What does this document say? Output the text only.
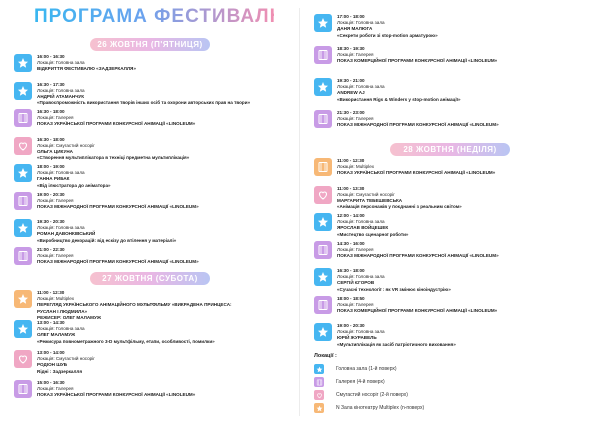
ПРОГРАМА ФЕСТИВАЛЮ
26 ЖОВТНЯ (П'ЯТНИЦЯ)
16:00 - 16:30
Локація: Головна зала
ВІДКРИТТЯ ФЕСТИВАЛЮ «ЗАДЗЕРКАЛЛЯ»
16:30 - 17:30
Локація: Головна зала
АНДРІЙ АТАМАНЧУК
«Правоспроможність використання творів інших осіб та охорони авторських прав на твори»
16:30 - 18:00
Локація: Галерея
ПОКАЗ УКРАЇНСЬКОЇ ПРОГРАМИ КОНКУРСНОЇ АНІМАЦІЇ «LINOLEUM»
16:30 - 18:00
Локація: Смугастий носоріг
ОЛЬГА ЦИКУНА
«Створення мультиплікатора в техніці предметна мультиплікація»
18:00 - 19:00
Локація: Головна зала
ГАННА РИБАК
«Від ілюстратора до аніматора»
19:00 - 20:30
Локація: Галерея
ПОКАЗ МІЖНАРОДНОЇ ПРОГРАМИ КОНКУРСНОЇ АНІМАЦІЇ «LINOLEUM»
19:30 - 20:30
Локація: Головна зала
РОМАН ДАВОНКІВСЬКИЙ
«Виробництво декорацій: від ескізу до втілення у матеріалі»
21:00 - 22:30
Локація: Галерея
ПОКАЗ МІЖНАРОДНОЇ ПРОГРАМИ КОНКУРСНОЇ АНІМАЦІЇ «LINOLEUM»
27 ЖОВТНЯ (СУБОТА)
11:00 - 12:30
Локація: Multiplex
ПЕРЕГЛЯД УКРАЇНСЬКОГО АНІМАЦІЙНОГО МУЛЬТФІЛЬМУ «ВИКРАДЕНА ПРИНЦЕСА:
РУСЛАН І ЛЮДМИЛА»
РЕЖИСЕР: ОЛЕГ МАЛАМУЖ
13:00 - 14:30
Локація: Головна зала
ОЛЕГ МАЛАМУЖ
«Режисура повнометражного 3-D мультфільму, етапи, особливості, помилки»
13:00 - 14:00
Локація: Смугастий носоріг
РОДІОН ШУБ
Rідні : Задзеркалля
15:00 - 16:30
Локація: Галерея
ПОКАЗ УКРАЇНСЬКОЇ ПРОГРАМИ КОНКУРСНОЇ АНІМАЦІЇ «LINOLEUM»
17:00 - 18:00
Локація: Головна зала
ДАНЯ МАЛЮГА
«Секрети роботи зі stop-motion арматурою»
18:30 - 19:30
Локація: Галерея
ПОКАЗ КОМЕРЦІЙНОЇ ПРОГРАМИ КОНКУРСНОЇ АНІМАЦІЇ «LINOLEUM»
19:30 - 21:00
Локація: Головна зала
ANDREW AJ
«Використання Rigs & Winders у stop-motion анімації»
21:30 - 23:00
Локація: Галерея
ПОКАЗ МІЖНАРОДНОЇ ПРОГРАМИ КОНКУРСНОЇ АНІМАЦІЇ «LINOLEUM»
28 ЖОВТНЯ (НЕДІЛЯ)
11:00 - 12:30
Локація: Multiplex
ПОКАЗ УКРАЇНСЬКОЇ ПРОГРАМИ КОНКУРСНОЇ АНІМАЦІЇ «LINOLEUM»
11:00 - 13:30
Локація: Смугастий носоріг
МАРГАРИТА ТЕБЕШЕВСЬКА
«Анімація персонажів у поєднанні з реальним світом»
12:00 - 14:00
Локація: Головна зала
ЯРОСЛАВ ВОЙЦЕШЕК
«Мистецтво сценарної роботи»
14:30 - 16:00
Локація: Галерея
ПОКАЗ МІЖНАРОДНОЇ ПРОГРАМИ КОНКУРСНОЇ АНІМАЦІЇ «LINOLEUM»
16:30 - 18:00
Локація: Головна зала
СЕРГІЙ ЄГОРОВ
«Сучасні технології : як VR змінює кіноіндустрію»
18:00 - 18:50
Локація: Галерея
ПОКАЗ КОМЕРЦІЙНОЇ ПРОГРАМИ КОНКУРСНОЇ АНІМАЦІЇ «LINOLEUM»
19:00 - 20:30
Локація: Головна зала
ЮРІЙ ЖУРАВЕЛЬ
«Мультиплікація як засіб патріотичного виховання»
Локації :
Головна зала (1-й поверх)
Галерея (4-й поверх)
Смугастий носоріг (2-й поверх)
N Зала кінотеатру Multiplex (n-поверх)
